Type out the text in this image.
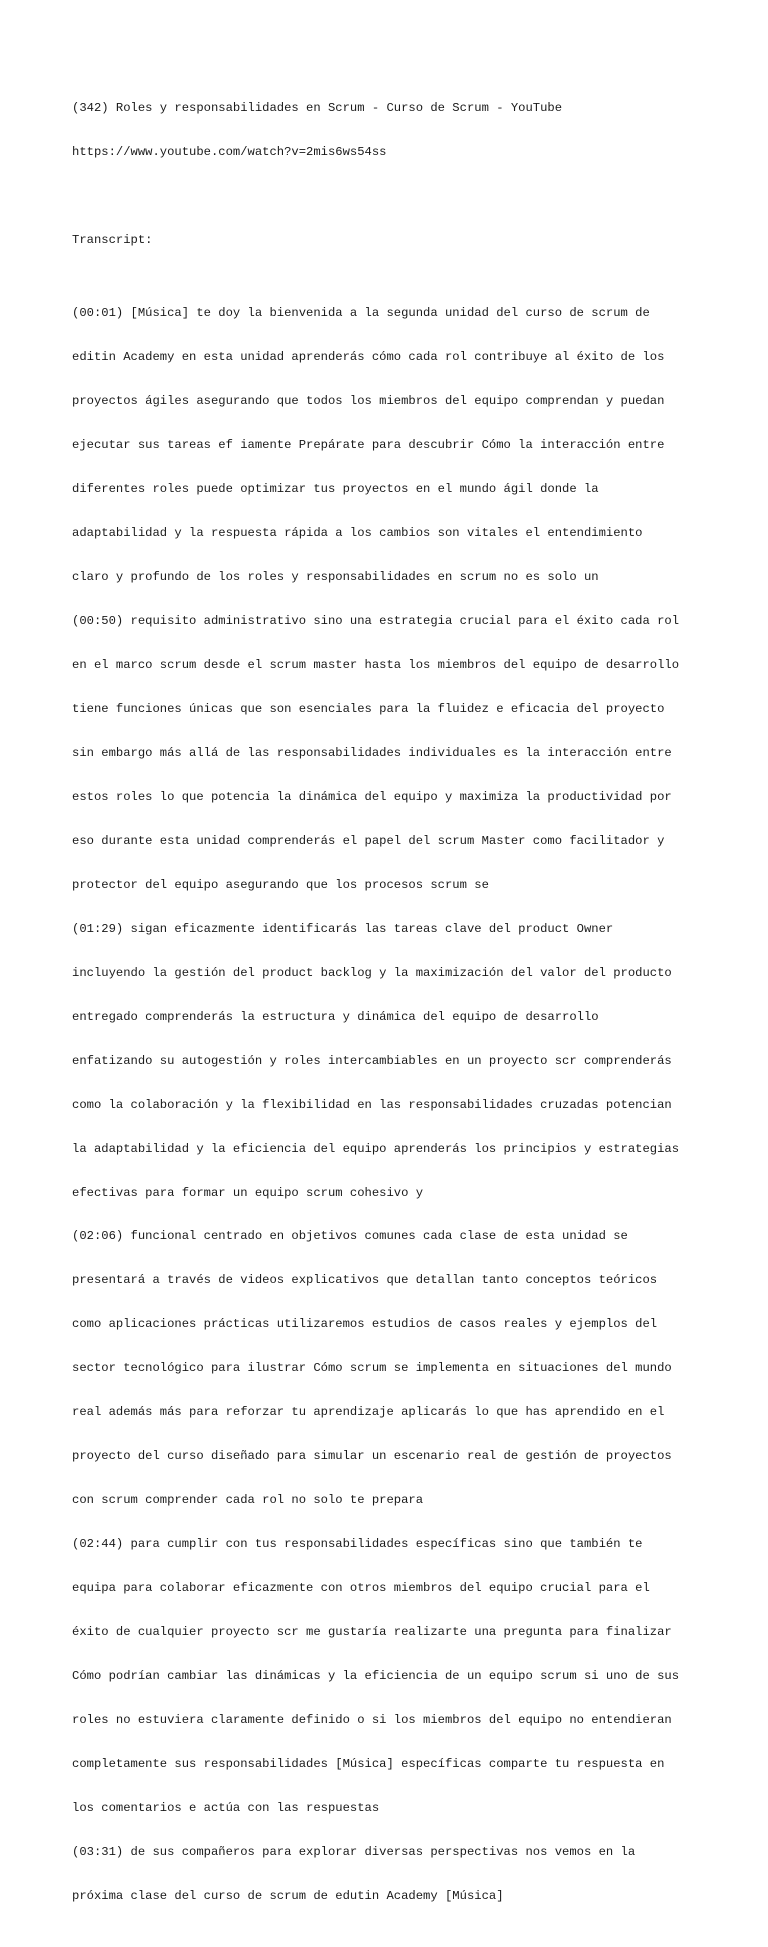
(342) Roles y responsabilidades en Scrum - Curso de Scrum - YouTube

https://www.youtube.com/watch?v=2mis6ws54ss

Transcript:

(00:01) [Música] te doy la bienvenida a la segunda unidad del curso de scrum de

editin Academy en esta unidad aprenderás cómo cada rol contribuye al éxito de los

proyectos ágiles asegurando que todos los miembros del equipo comprendan y puedan

ejecutar sus tareas ef iamente Prepárate para descubrir Cómo la interacción entre

diferentes roles puede optimizar tus proyectos en el mundo ágil donde la

adaptabilidad y la respuesta rápida a los cambios son vitales el entendimiento

claro y profundo de los roles y responsabilidades en scrum no es solo un

(00:50) requisito administrativo sino una estrategia crucial para el éxito cada rol

en el marco scrum desde el scrum master hasta los miembros del equipo de desarrollo

tiene funciones únicas que son esenciales para la fluidez e eficacia del proyecto

sin embargo más allá de las responsabilidades individuales es la interacción entre

estos roles lo que potencia la dinámica del equipo y maximiza la productividad por

eso durante esta unidad comprenderás el papel del scrum Master como facilitador y

protector del equipo asegurando que los procesos scrum se

(01:29) sigan eficazmente identificarás las tareas clave del product Owner

incluyendo la gestión del product backlog y la maximización del valor del producto

entregado comprenderás la estructura y dinámica del equipo de desarrollo

enfatizando su autogestión y roles intercambiables en un proyecto scr comprenderás

como la colaboración y la flexibilidad en las responsabilidades cruzadas potencian

la adaptabilidad y la eficiencia del equipo aprenderás los principios y estrategias

efectivas para formar un equipo scrum cohesivo y

(02:06) funcional centrado en objetivos comunes cada clase de esta unidad se

presentará a través de videos explicativos que detallan tanto conceptos teóricos

como aplicaciones prácticas utilizaremos estudios de casos reales y ejemplos del

sector tecnológico para ilustrar Cómo scrum se implementa en situaciones del mundo

real además más para reforzar tu aprendizaje aplicarás lo que has aprendido en el

proyecto del curso diseñado para simular un escenario real de gestión de proyectos

con scrum comprender cada rol no solo te prepara

(02:44) para cumplir con tus responsabilidades específicas sino que también te

equipa para colaborar eficazmente con otros miembros del equipo crucial para el

éxito de cualquier proyecto scr me gustaría realizarte una pregunta para finalizar

Cómo podrían cambiar las dinámicas y la eficiencia de un equipo scrum si uno de sus

roles no estuviera claramente definido o si los miembros del equipo no entendieran

completamente sus responsabilidades [Música] específicas comparte tu respuesta en

los comentarios e actúa con las respuestas

(03:31) de sus compañeros para explorar diversas perspectivas nos vemos en la

próxima clase del curso de scrum de edutin Academy [Música]
